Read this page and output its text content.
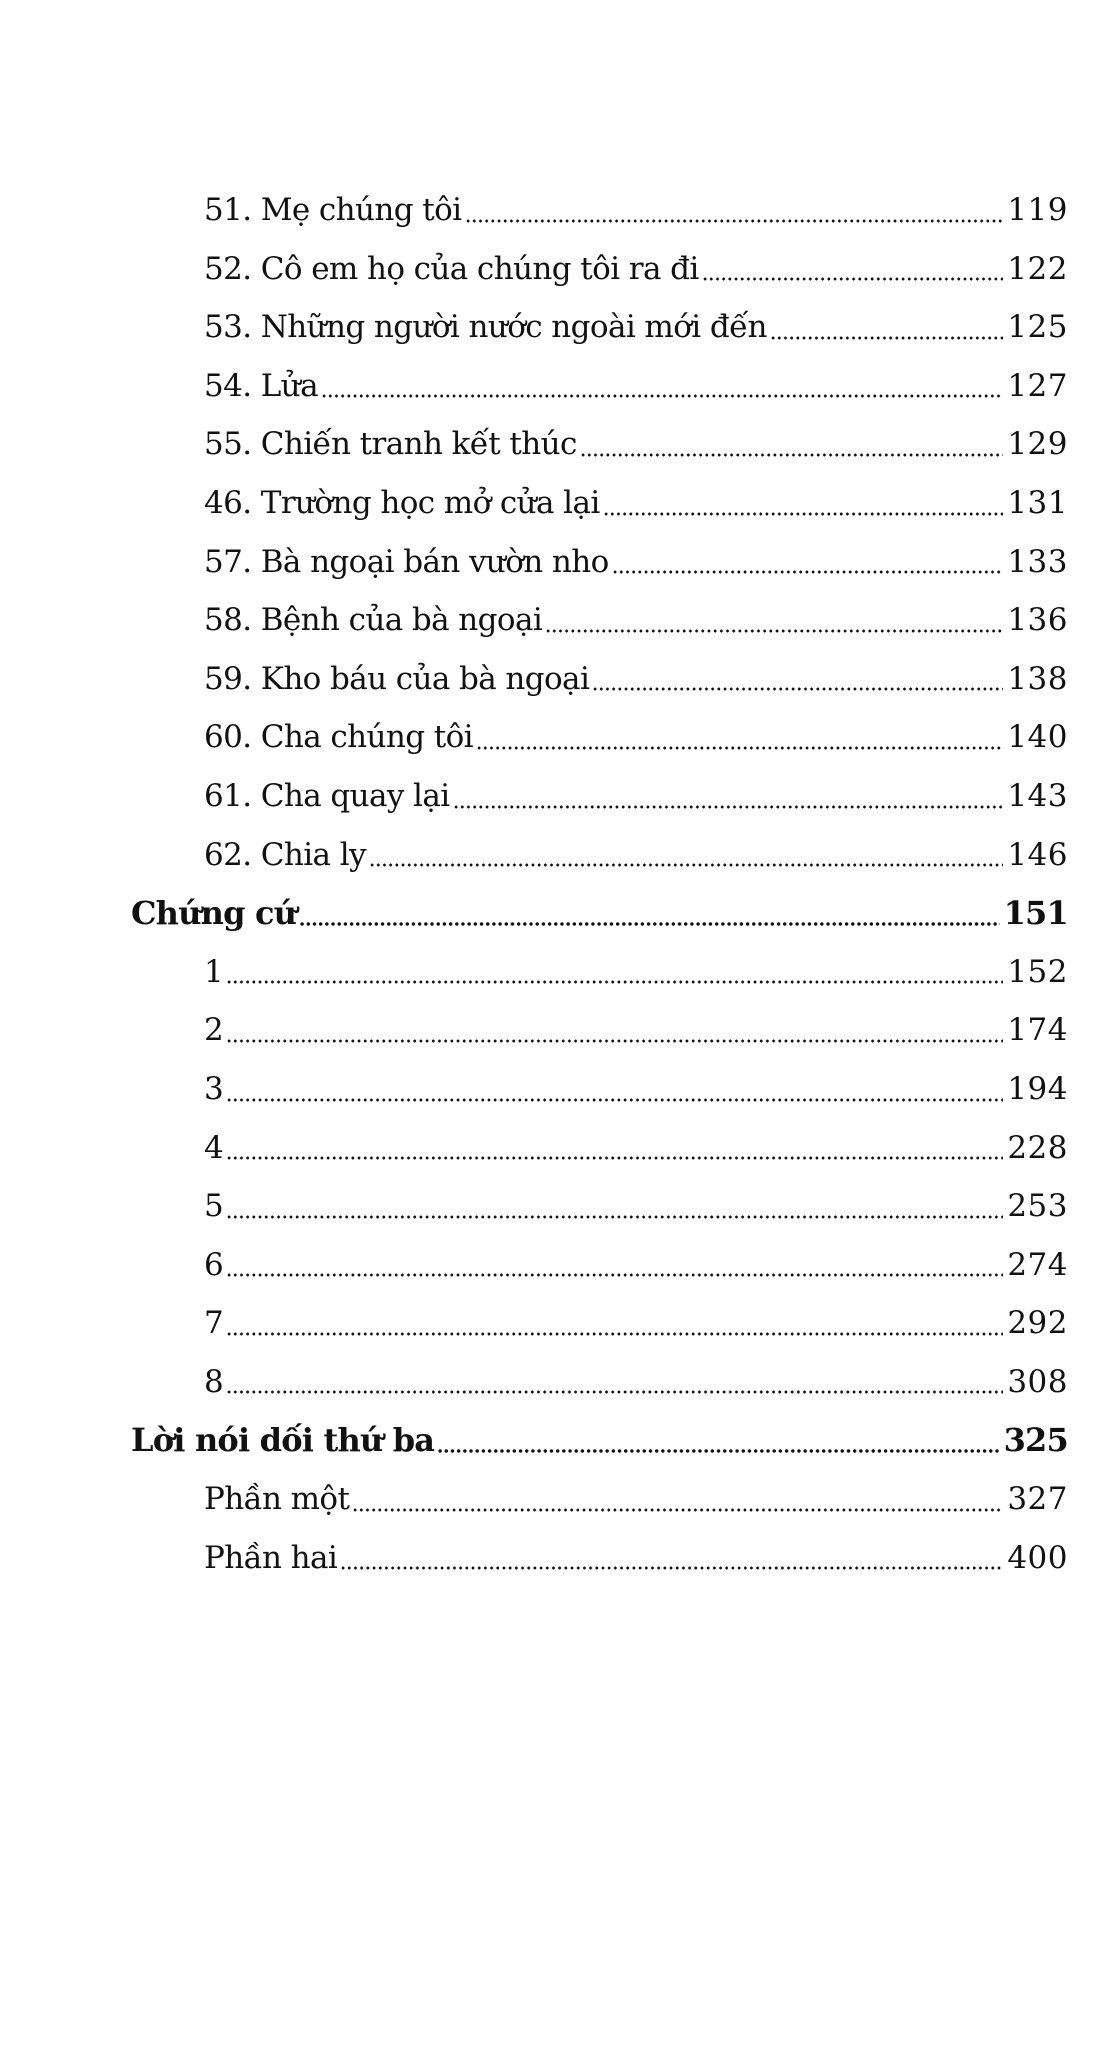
51. Mẹ chúng tôi	119
52. Cô em họ của chúng tôi ra đi	122
53. Những người nước ngoài mới đến	125
54. Lửa	127
55. Chiến tranh kết thúc	129
46. Trường học mở cửa lại	131
57. Bà ngoại bán vườn nho	133
58. Bệnh của bà ngoại	136
59. Kho báu của bà ngoại	138
60. Cha chúng tôi	140
61. Cha quay lại	143
62. Chia ly	146
Chứng cứ	151
1	152
2	174
3	194
4	228
5	253
6	274
7	292
8	308
Lời nói dối thứ ba	325
Phần một	327
Phần hai	400
